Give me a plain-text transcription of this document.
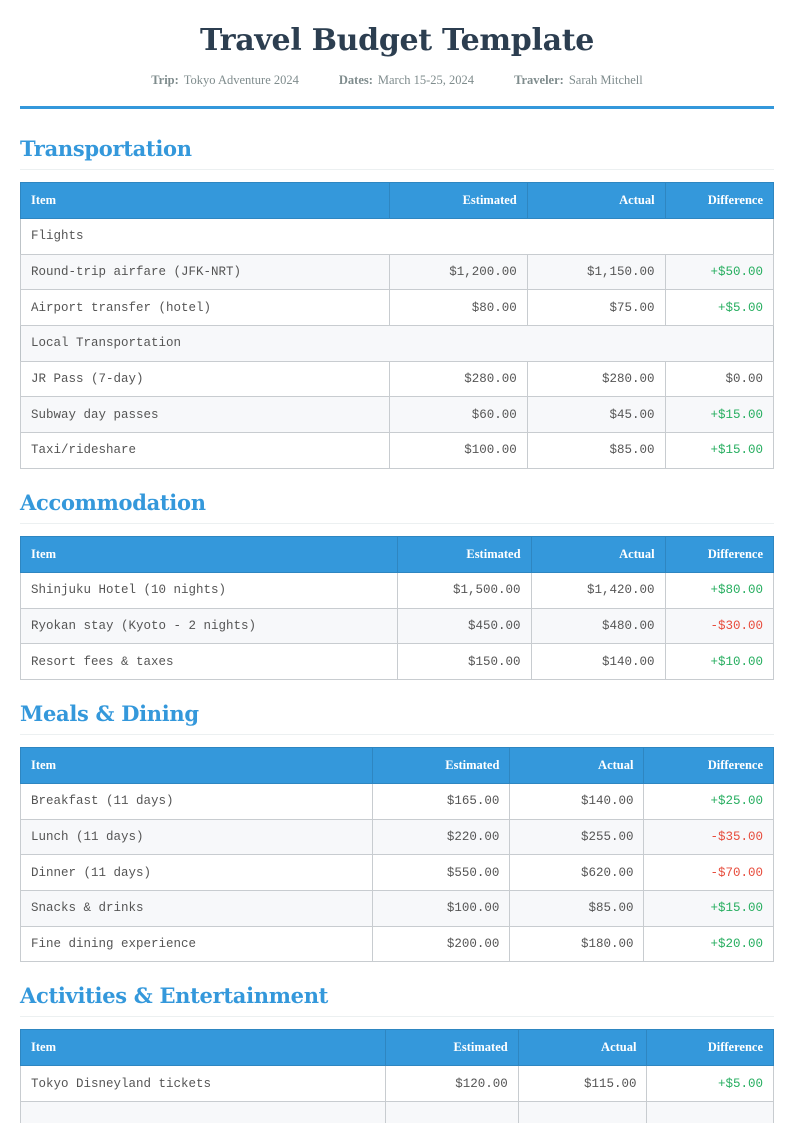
Travel Budget Template
Trip: Tokyo Adventure 2024	Dates: March 15-25, 2024	Traveler: Sarah Mitchell
Transportation
Item	Estimated	Actual	Difference
Flights			
Round-trip airfare (JFK-NRT)	$1,200.00	$1,150.00	+$50.00
Airport transfer (hotel)	$80.00	$75.00	+$5.00
Local Transportation			
JR Pass (7-day)	$280.00	$280.00	$0.00
Subway day passes	$60.00	$45.00	+$15.00
Taxi/rideshare	$100.00	$85.00	+$15.00
Accommodation
Item	Estimated	Actual	Difference
Shinjuku Hotel (10 nights)	$1,500.00	$1,420.00	+$80.00
Ryokan stay (Kyoto - 2 nights)	$450.00	$480.00	-$30.00
Resort fees & taxes	$150.00	$140.00	+$10.00
Meals & Dining
Item	Estimated	Actual	Difference
Breakfast (11 days)	$165.00	$140.00	+$25.00
Lunch (11 days)	$220.00	$255.00	-$35.00
Dinner (11 days)	$550.00	$620.00	-$70.00
Snacks & drinks	$100.00	$85.00	+$15.00
Fine dining experience	$200.00	$180.00	+$20.00
Activities & Entertainment
Item	Estimated	Actual	Difference
Tokyo Disneyland tickets	$120.00	$115.00	+$5.00
